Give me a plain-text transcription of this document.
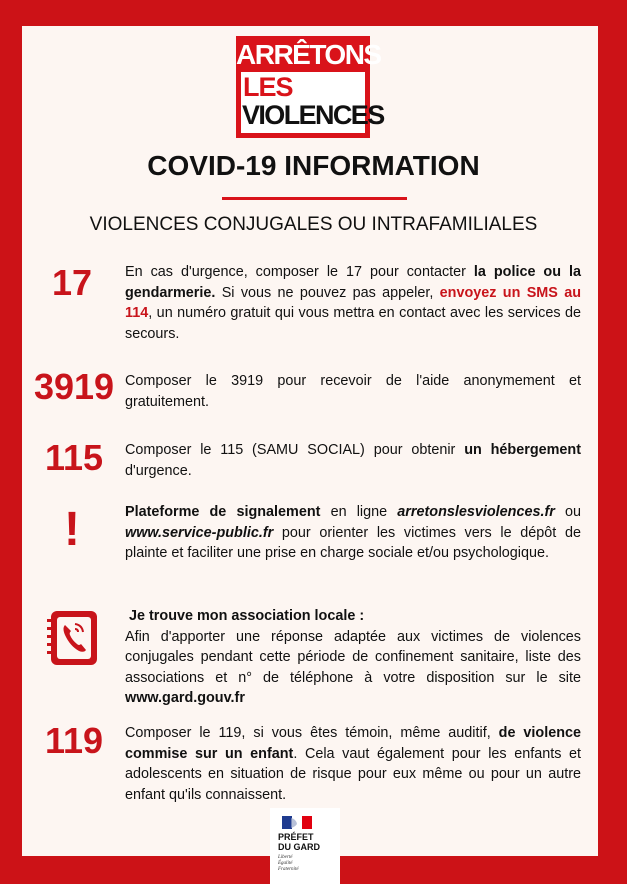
ARRÊTONS
LES
VIOLENCES
COVID-19 INFORMATION
VIOLENCES CONJUGALES OU INTRAFAMILIALES
17	En cas d'urgence, composer le 17 pour contacter la police ou la gendarmerie. Si vous ne pouvez pas appeler, envoyez un SMS au 114, un numéro gratuit qui vous mettra en contact avec les services de secours.
3919 Composer le 3919 pour recevoir de l'aide anonymement et gratuitement.
115	Composer le 115 (SAMU SOCIAL) pour obtenir un hébergement d'urgence.
!	Plateforme de signalement en ligne arretonslesviolences.fr ou www.service-public.fr pour orienter les victimes vers le dépôt de plainte et faciliter une prise en charge sociale et/ou psychologique.
Je trouve mon association locale :
Afin d'apporter une réponse adaptée aux victimes de violences conjugales pendant cette période de confinement sanitaire, liste des associations et n° de téléphone à votre disposition sur le site www.gard.gouv.fr
119	Composer le 119, si vous êtes témoin, même auditif, de violence commise sur un enfant. Cela vaut également pour les enfants et adolescents en situation de risque pour eux même ou pour un autre enfant qu'ils connaissent.
PRÉFET
DU GARD
Liberté
Égalité
Fraternité
